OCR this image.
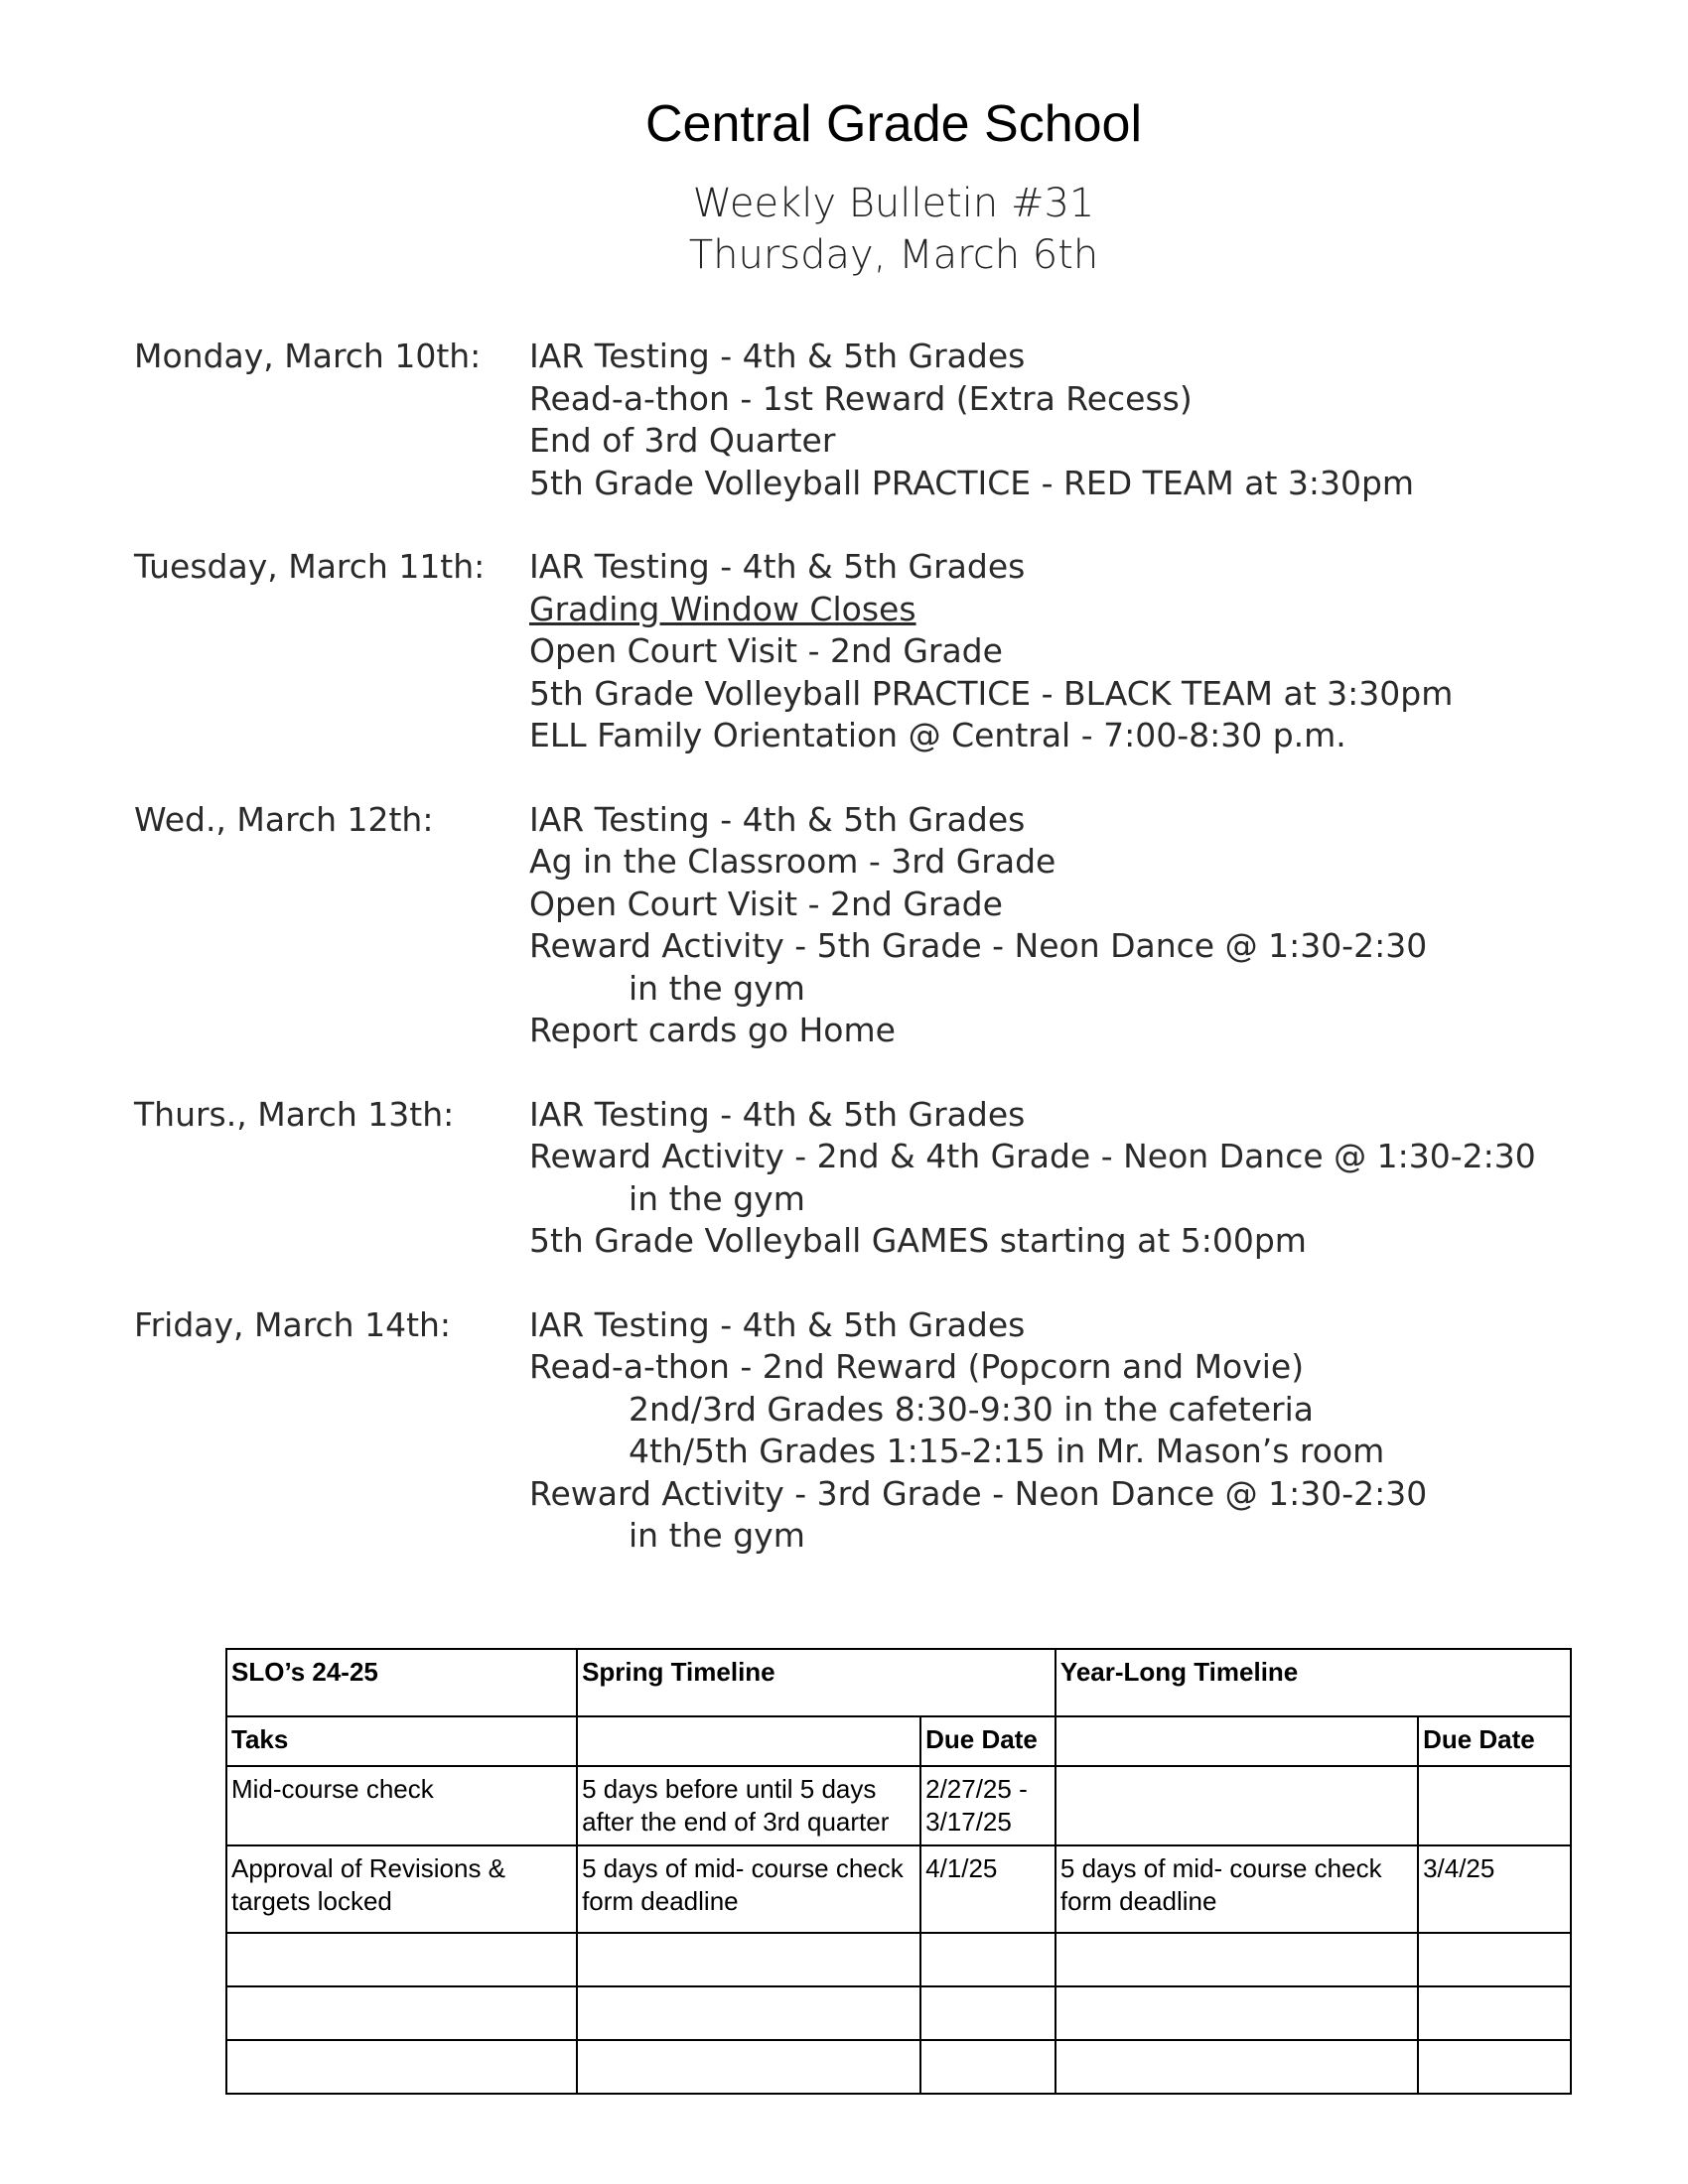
Central Grade School
Weekly Bulletin #31
Thursday, March 6th
Monday, March 10th:	IAR Testing - 4th & 5th Grades
Read-a-thon - 1st Reward (Extra Recess)
End of 3rd Quarter
5th Grade Volleyball PRACTICE - RED TEAM at 3:30pm
Tuesday, March 11th:	IAR Testing - 4th & 5th Grades
Grading Window Closes
Open Court Visit - 2nd Grade
5th Grade Volleyball PRACTICE - BLACK TEAM at 3:30pm
ELL Family Orientation @ Central - 7:00-8:30 p.m.
Wed., March 12th:	IAR Testing - 4th & 5th Grades
Ag in the Classroom - 3rd Grade
Open Court Visit - 2nd Grade
Reward Activity - 5th Grade - Neon Dance @ 1:30-2:30
in the gym
Report cards go Home
Thurs., March 13th:	IAR Testing - 4th & 5th Grades
Reward Activity - 2nd & 4th Grade - Neon Dance @ 1:30-2:30
in the gym
5th Grade Volleyball GAMES starting at 5:00pm
Friday, March 14th:	IAR Testing - 4th & 5th Grades
Read-a-thon - 2nd Reward (Popcorn and Movie)
2nd/3rd Grades 8:30-9:30 in the cafeteria
4th/5th Grades 1:15-2:15 in Mr. Mason’s room
Reward Activity - 3rd Grade - Neon Dance @ 1:30-2:30
in the gym
SLO’s 24-25	Spring Timeline		Year-Long Timeline	
Taks		Due Date		Due Date
Mid-course check	5 days before until 5 days after the end of 3rd quarter	2/27/25 - 3/17/25		
Approval of Revisions & targets locked	5 days of mid- course check form deadline	4/1/25	5 days of mid- course check form deadline	3/4/25
